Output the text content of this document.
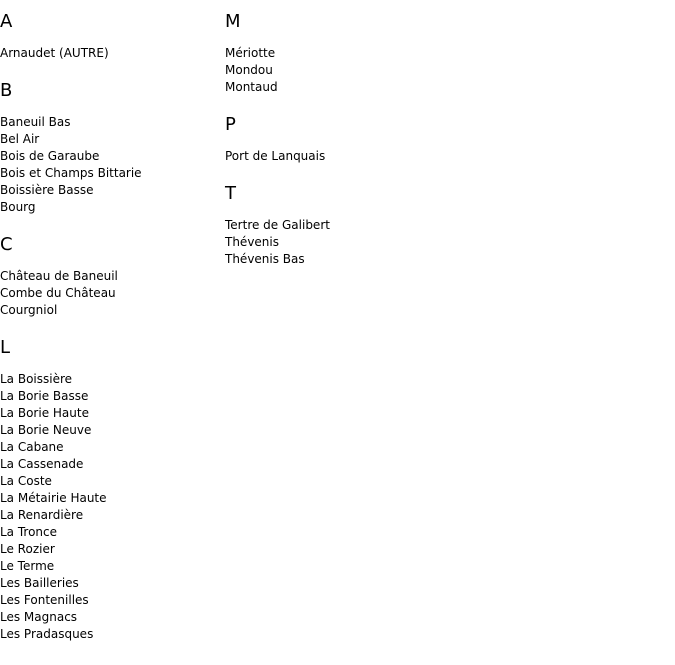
A
Arnaudet (AUTRE)
B
Baneuil Bas
Bel Air
Bois de Garaube
Bois et Champs Bittarie
Boissière Basse
Bourg
C
Château de Baneuil
Combe du Château
Courgniol
L
La Boissière
La Borie Basse
La Borie Haute
La Borie Neuve
La Cabane
La Cassenade
La Coste
La Métairie Haute
La Renardière
La Tronce
Le Rozier
Le Terme
Les Bailleries
Les Fontenilles
Les Magnacs
Les Pradasques
M
Mériotte
Mondou
Montaud
P
Port de Lanquais
T
Tertre de Galibert
Thévenis
Thévenis Bas
